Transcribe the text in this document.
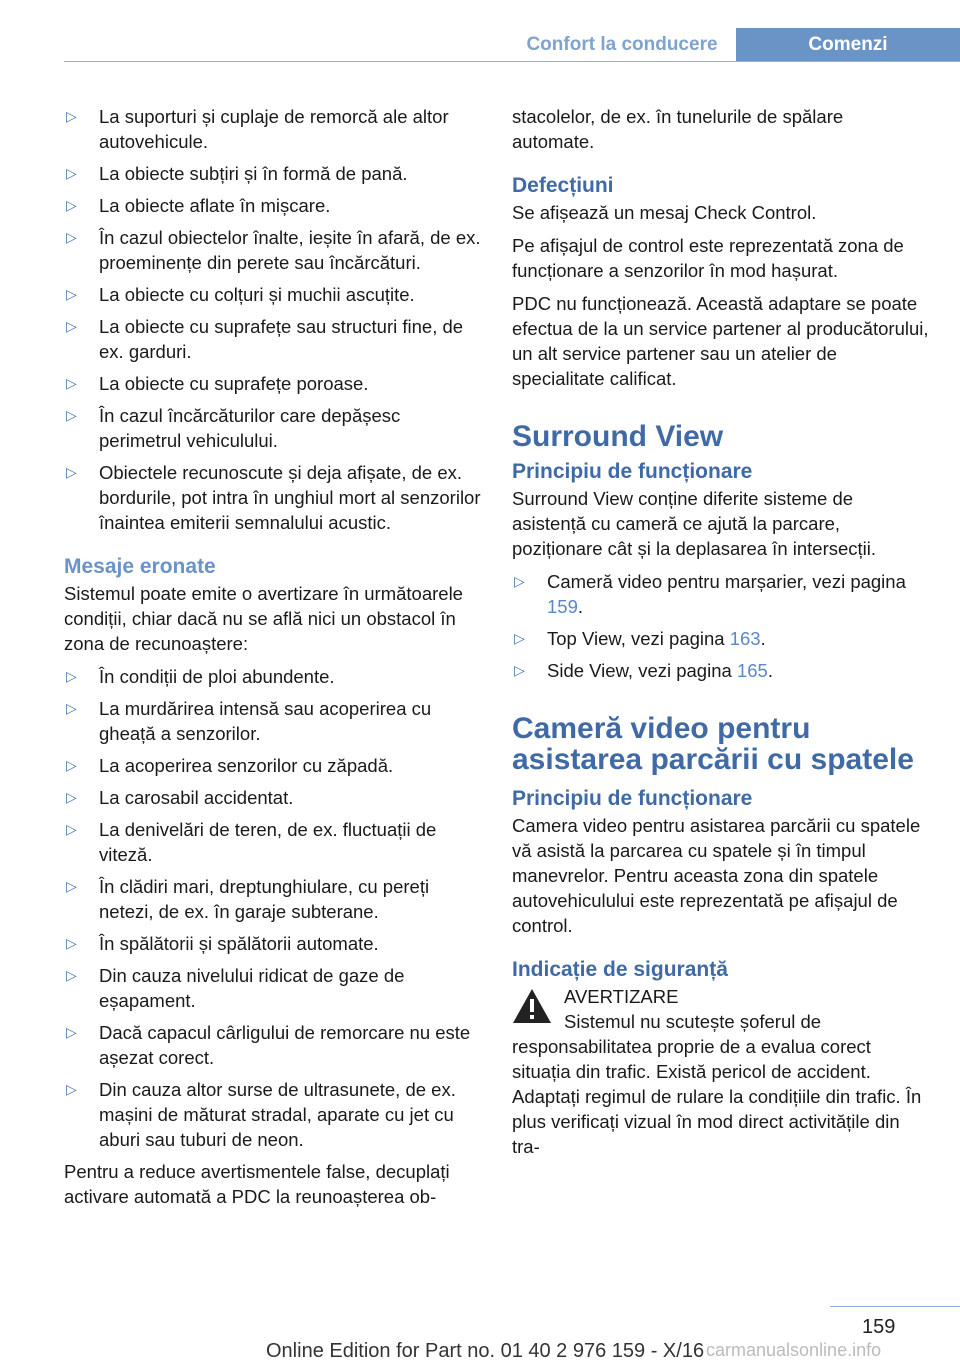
Confort la conducere	Comenzi
▷ La suporturi și cuplaje de remorcă ale altor autovehicule.
▷ La obiecte subțiri și în formă de pană.
▷ La obiecte aflate în mișcare.
▷ În cazul obiectelor înalte, ieșite în afară, de ex. proeminențe din perete sau încărcături.
▷ La obiecte cu colțuri și muchii ascuțite.
▷ La obiecte cu suprafețe sau structuri fine, de ex. garduri.
▷ La obiecte cu suprafețe poroase.
▷ În cazul încărcăturilor care depășesc perimetrul vehiculului.
▷ Obiectele recunoscute și deja afișate, de ex. bordurile, pot intra în unghiul mort al senzorilor înaintea emiterii semnalului acustic.
Mesaje eronate

Sistemul poate emite o avertizare în următoarele condiții, chiar dacă nu se află nici un obstacol în zona de recunoaștere:

▷ În condiții de ploi abundente.
▷ La murdărirea intensă sau acoperirea cu gheață a senzorilor.
▷ La acoperirea senzorilor cu zăpadă.
▷ La carosabil accidentat.
▷ La denivelări de teren, de ex. fluctuații de viteză.
▷ În clădiri mari, dreptunghiulare, cu pereți netezi, de ex. în garaje subterane.
▷ În spălătorii și spălătorii automate.
▷ Din cauza nivelului ridicat de gaze de eșapament.
▷ Dacă capacul cârligului de remorcare nu este așezat corect.
▷ Din cauza altor surse de ultrasunete, de ex. mașini de măturat stradal, aparate cu jet cu aburi sau tuburi de neon.

Pentru a reduce avertismentele false, decuplați activare automată a PDC la reunoașterea ob-

stacolelor, de ex. în tunelurile de spălare automate.

Defecțiuni

Se afișează un mesaj Check Control.

Pe afișajul de control este reprezentată zona de funcționare a senzorilor în mod hașurat.

PDC nu funcționează. Această adaptare se poate efectua de la un service partener al producătorului, un alt service partener sau un atelier de specialitate calificat.

Surround View
Principiu de funcționare

Surround View conține diferite sisteme de asistență cu cameră ce ajută la parcare, poziționare cât și la deplasarea în intersecții.

▷ Cameră video pentru marșarier, vezi pagina 159.
▷ Top View, vezi pagina 163.
▷ Side View, vezi pagina 165.
Cameră video pentru asistarea parcării cu spatele
Principiu de funcționare

Camera video pentru asistarea parcării cu spatele vă asistă la parcarea cu spatele și în timpul manevrelor. Pentru aceasta zona din spatele autovehiculului este reprezentată pe afișajul de control.

Indicație de siguranță
AVERTIZARE

Sistemul nu scutește șoferul de responsabilitatea proprie de a evalua corect situația din trafic. Există pericol de accident. Adaptați regimul de rulare la condițiile din trafic. În plus verificați vizual în mod direct activitățile din tra-

159
Online Edition for Part no. 01 40 2 976 159 - X/16 carmanualsonline.info
